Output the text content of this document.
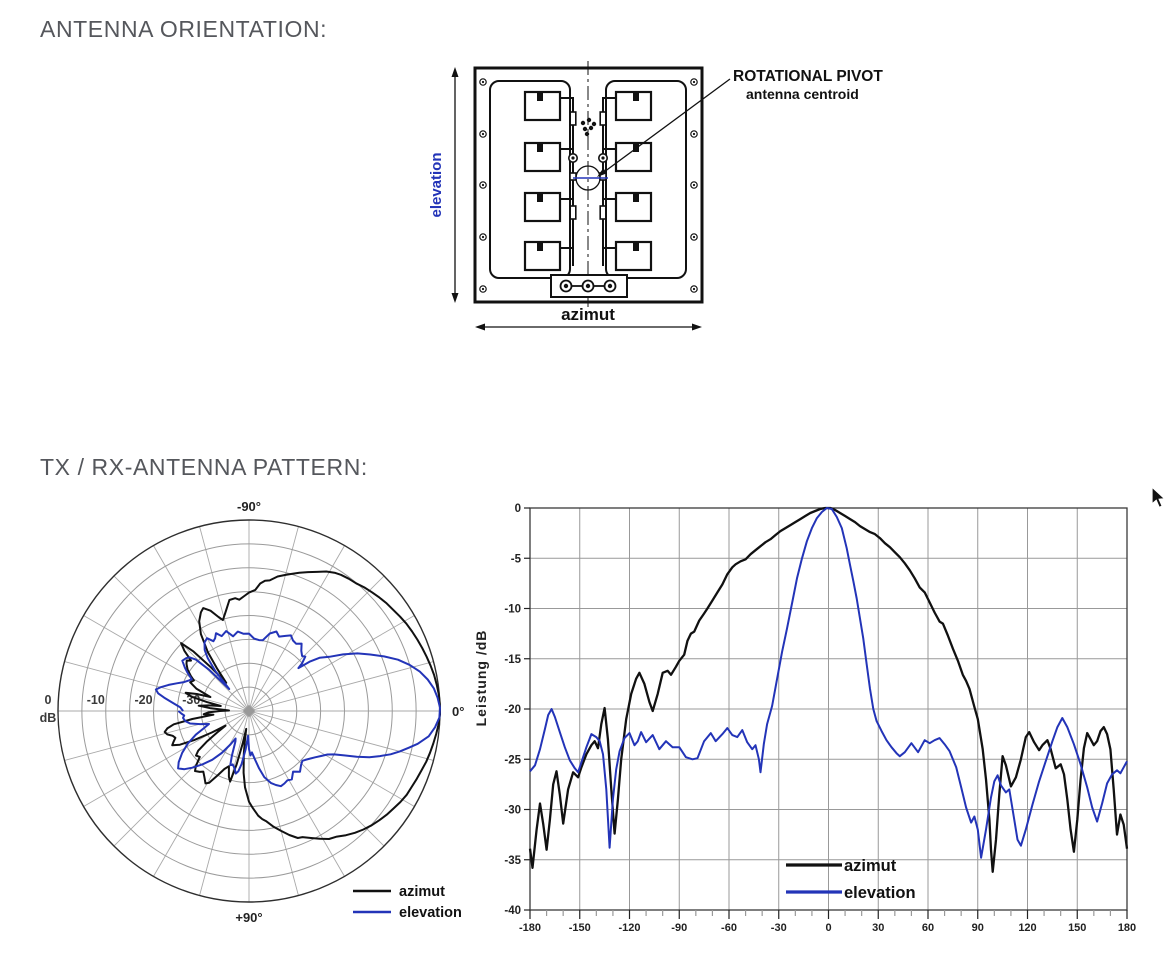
ANTENNA ORIENTATION:
TX / RX-ANTENNA PATTERN:
elevation
azimut
ROTATIONAL PIVOT
antenna centroid
-90°
0°
+90°
0
dB
-10 -20 -30
azimut
elevation
-180	-150	-120	-90	-60	-30	0	30	60	90	120	150	180
0
-5
-10
-15
-20
-25
-30
-35
-40
Leistung /dB
azimut
elevation
